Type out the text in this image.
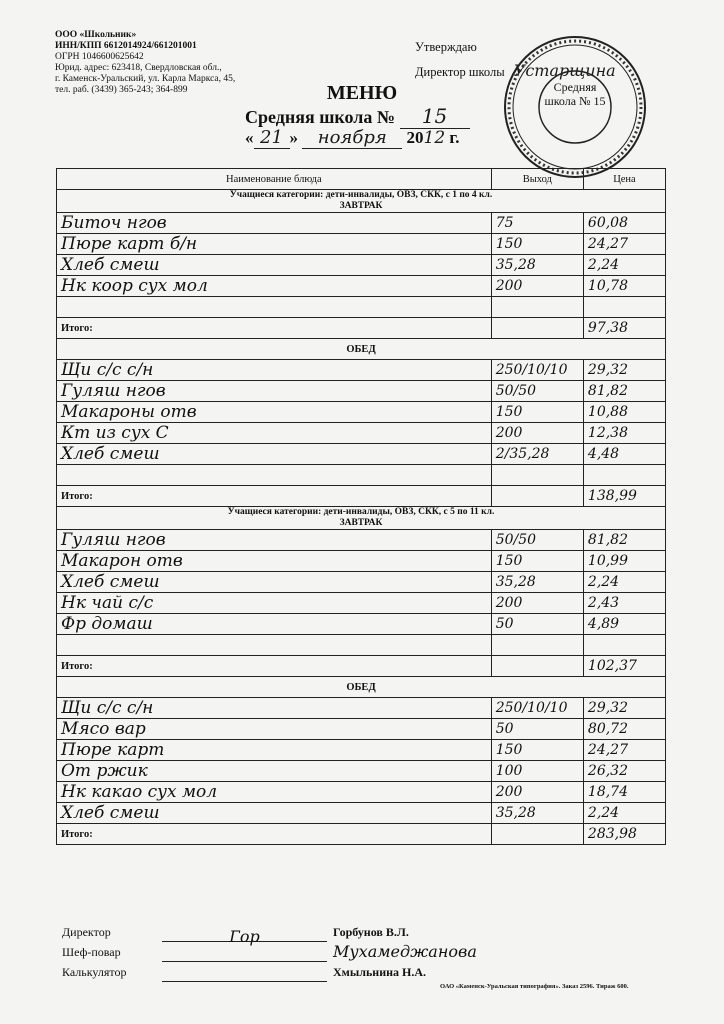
ООО «Школьник»
ИНН/КПП 6612014924/661201001
ОГРН 1046600625642
Юрид. адрес: 623418, Свердловская обл.,
г. Каменск-Уральский, ул. Карла Маркса, 45,
тел. раб. (3439) 365-243; 364-899
Утверждаю
Директор школы Устарщина
Средняя школа № 15
МЕНЮ
Средняя школа № 15
« 21 » ноября 2012 г.
Наименование блюда	Выход	Цена

Учащиеся категории: дети-инвалиды, ОВЗ, СКК, с 1 по 4 кл.
ЗАВТРАК		

Биточ нгов	75	60,08
Пюре карт б/н	150	24,27
Хлеб смеш	35,28	2,24
Нк коор сух мол	200	10,78

Итого:		97,38
ОБЕД		
Щи с/с с/н	250/10/10	29,32
Гуляш нгов	50/50	81,82
Макароны отв	150	10,88
Кт из сух С	200	12,38
Хлеб смеш	2/35,28	4,48

Итого:		138,99

Учащиеся категории: дети-инвалиды, ОВЗ, СКК, с 5 по 11 кл.
ЗАВТРАК		

Гуляш нгов	50/50	81,82
Макарон отв	150	10,99
Хлеб смеш	35,28	2,24
Нк чай с/с	200	2,43
Фр домаш	50	4,89

Итого:		102,37
ОБЕД		
Щи с/с с/н	250/10/10	29,32
Мясо вар	50	80,72
Пюре карт	150	24,27
От ржик	100	26,32
Нк какао сух мол	200	18,74
Хлеб смеш	35,28	2,24
Итого:		283,98
Директор	Гор	Горбунов В.Л.
Шеф-повар	Мухамеджанова
Калькулятор	Хмыльнина Н.А.
ОАО «Каменск-Уральская типография». Заказ 2596. Тираж 600.
